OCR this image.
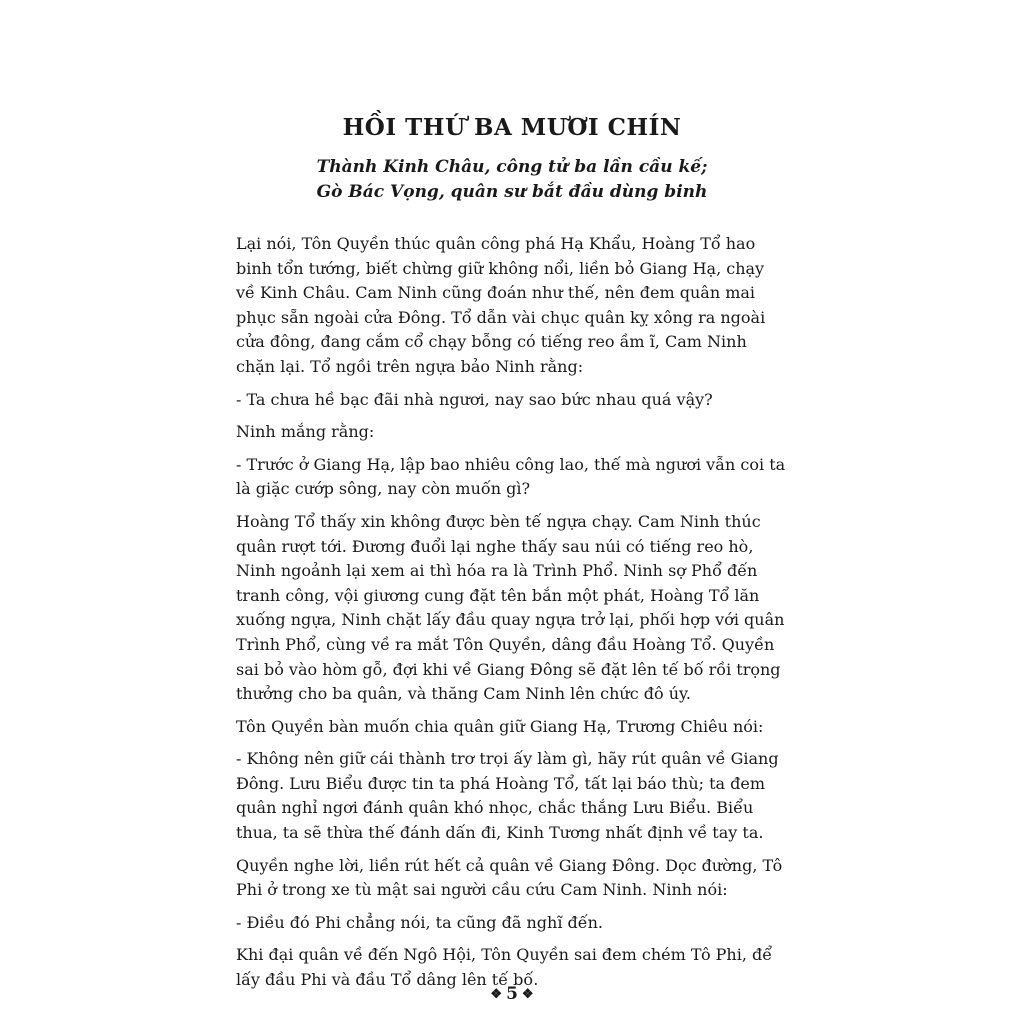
HỒI THỨ BA MƯƠI CHÍN
Thành Kinh Châu, công tử ba lần cầu kế;
Gò Bác Vọng, quân sư bắt đầu dùng binh

Lại nói, Tôn Quyền thúc quân công phá Hạ Khẩu, Hoàng Tổ hao binh tổn tướng, biết chừng giữ không nổi, liền bỏ Giang Hạ, chạy về Kinh Châu. Cam Ninh cũng đoán như thế, nên đem quân mai phục sẵn ngoài cửa Đông. Tổ dẫn vài chục quân kỵ xông ra ngoài cửa đông, đang cắm cổ chạy bỗng có tiếng reo ầm ĩ, Cam Ninh chặn lại. Tổ ngồi trên ngựa bảo Ninh rằng:

- Ta chưa hề bạc đãi nhà ngươi, nay sao bức nhau quá vậy?

Ninh mắng rằng:

- Trước ở Giang Hạ, lập bao nhiêu công lao, thế mà ngươi vẫn coi ta là giặc cướp sông, nay còn muốn gì?

Hoàng Tổ thấy xin không được bèn tế ngựa chạy. Cam Ninh thúc quân rượt tới. Đương đuổi lại nghe thấy sau núi có tiếng reo hò, Ninh ngoảnh lại xem ai thì hóa ra là Trình Phổ. Ninh sợ Phổ đến tranh công, vội giương cung đặt tên bắn một phát, Hoàng Tổ lăn xuống ngựa, Ninh chặt lấy đầu quay ngựa trở lại, phối hợp với quân Trình Phổ, cùng về ra mắt Tôn Quyền, dâng đầu Hoàng Tổ. Quyền sai bỏ vào hòm gỗ, đợi khi về Giang Đông sẽ đặt lên tế bố rồi trọng thưởng cho ba quân, và thăng Cam Ninh lên chức đô úy.

Tôn Quyền bàn muốn chia quân giữ Giang Hạ, Trương Chiêu nói:

- Không nên giữ cái thành trơ trọi ấy làm gì, hãy rút quân về Giang Đông. Lưu Biểu được tin ta phá Hoàng Tổ, tất lại báo thù; ta đem quân nghỉ ngơi đánh quân khó nhọc, chắc thắng Lưu Biểu. Biểu thua, ta sẽ thừa thế đánh dấn đi, Kinh Tương nhất định về tay ta.

Quyền nghe lời, liền rút hết cả quân về Giang Đông. Dọc đường, Tô Phi ở trong xe tù mật sai người cầu cứu Cam Ninh. Ninh nói:

- Điều đó Phi chẳng nói, ta cũng đã nghĩ đến.

Khi đại quân về đến Ngô Hội, Tôn Quyền sai đem chém Tô Phi, để lấy đầu Phi và đầu Tổ dâng lên tế bố.

❖ 5 ❖
